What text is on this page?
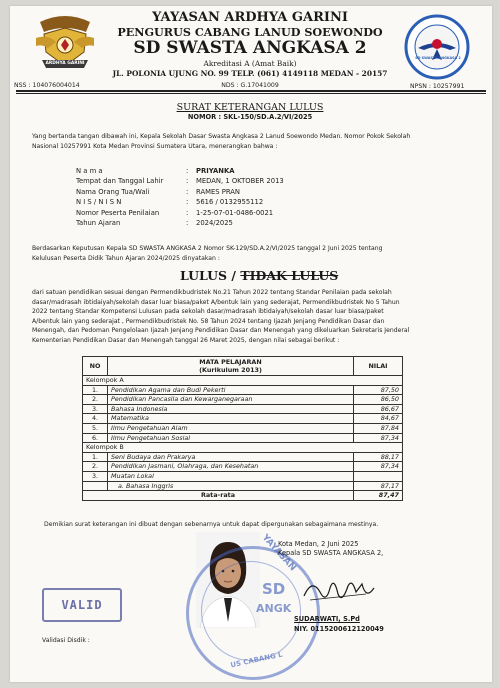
YAYASAN
ARDHYA GARINI
SD SWASTA ANGKASA 2
YAYASAN ARDHYA GARINI
PENGURUS CABANG LANUD SOEWONDO
SD SWASTA ANGKASA 2
Akreditasi A (Amat Baik)
JL. POLONIA UJUNG NO. 99 TELP. (061) 4149118 MEDAN - 20157
NSS : 104076004014	NDS : G.17041009	NPSN : 10257991
SURAT KETERANGAN LULUS
NOMOR : SKL-150/SD.A.2/VI/2025
Yang bertanda tangan dibawah ini, Kepala Sekolah Dasar Swasta Angkasa 2 Lanud Soewondo Medan. Nomor Pokok Sekolah
Nasional 10257991 Kota Medan Provinsi Sumatera Utara, menerangkan bahwa :
N a m a	:	PRIYANKA
Tempat dan Tanggal Lahir	:	MEDAN, 1 OKTOBER 2013
Nama Orang Tua/Wali	:	RAMES PRAN
N I S / N I S N	:	5616 / 0132955112
Nomor Peserta Penilaian	:	1-25-07-01-0486-0021
Tahun Ajaran	:	2024/2025
Berdasarkan Keputusan Kepala SD SWASTA ANGKASA 2 Nomor SK-129/SD.A.2/VI/2025 tanggal 2 Juni 2025 tentang
Kelulusan Peserta Didik Tahun Ajaran 2024/2025 dinyatakan :
LULUS / TIDAK LULUS
dari satuan pendidikan sesuai dengan Permendikbudristek No.21 Tahun 2022 tentang Standar Penilaian pada sekolah
dasar/madrasah ibtidaiyah/sekolah dasar luar biasa/paket A/bentuk lain yang sederajat, Permendikbudristek No 5 Tahun
2022 tentang Standar Kompetensi Lulusan pada sekolah dasar/madrasah ibtidaiyah/sekolah dasar luar biasa/paket
A/bentuk lain yang sederajat , Permendikbudristek No. 58 Tahun 2024 tentang Ijazah Jenjang Pendidikan Dasar dan
Menengah, dan Pedoman Pengelolaan Ijazah Jenjang Pendidikan Dasar dan Menengah yang dikeluarkan Sekretaris Jenderal
Kementerian Pendidikan Dasar dan Menengah tanggal 26 Maret 2025, dengan nilai sebagai berikut :
NO	MATA PELAJARAN
(Kurikulum 2013)	NILAI
Kelompok A		
1.	Pendidikan Agama dan Budi Pekerti	87,50
2.	Pendidikan Pancasila dan Kewarganegaraan	86,50
3.	Bahasa Indonesia	86,67
4.	Matematika	84,67
5.	Ilmu Pengetahuan Alam	87,84
6.	Ilmu Pengetahuan Sosial	87,34
Kelompok B		
1.	Seni Budaya dan Prakarya	88,17
2.	Pendidikan Jasmani, Olahraga, dan Kesehatan	87,34
3.	Muatan Lokal	
	a. Bahasa Inggris	87,17
Rata-rata		87,47
Demikian surat keterangan ini dibuat dengan sebenarnya untuk dapat dipergunakan sebagaimana mestinya.
YAYASAN
SD
ANGK
US CABANG L
Kota Medan, 2 Juni 2025
Kepala SD SWASTA ANGKASA 2,
SUDARWATI, S.Pd
NIY. 0115200612120049
VALID
Validasi Disdik :
